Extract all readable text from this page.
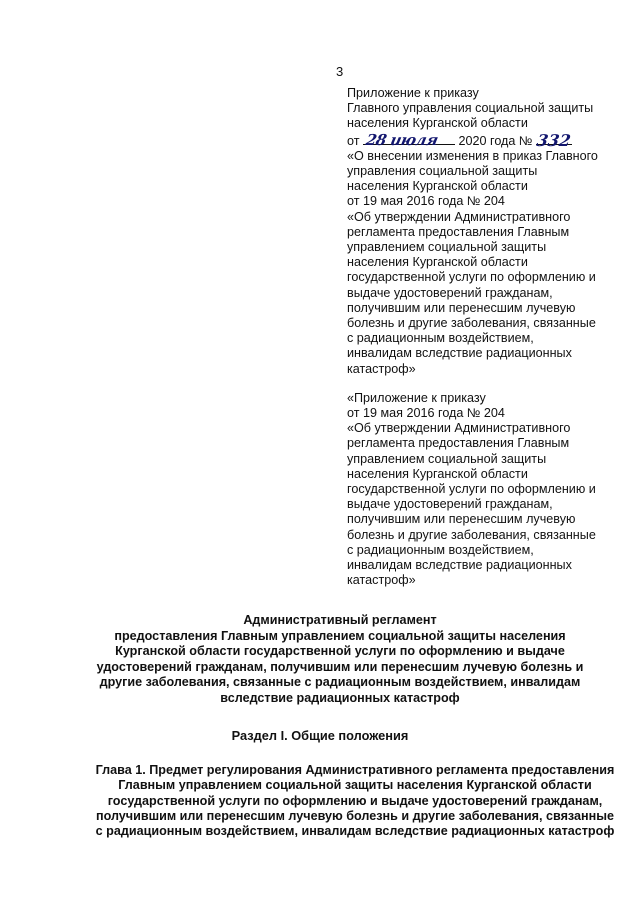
3

Приложение к приказу

Главного управления социальной защиты

населения Курганской области

от 28 июля 2020 года № 332

«О внесении изменения в приказ Главного

управления социальной защиты

населения Курганской области

от 19 мая 2016 года № 204

«Об утверждении Административного

регламента предоставления Главным

управлением социальной защиты

населения Курганской области

государственной услуги по оформлению и

выдаче удостоверений гражданам,

получившим или перенесшим лучевую

болезнь и другие заболевания, связанные

с радиационным воздействием,

инвалидам вследствие радиационных

катастроф»

«Приложение к приказу

от 19 мая 2016 года № 204

«Об утверждении Административного

регламента предоставления Главным

управлением социальной защиты

населения Курганской области

государственной услуги по оформлению и

выдаче удостоверений гражданам,

получившим или перенесшим лучевую

болезнь и другие заболевания, связанные

с радиационным воздействием,

инвалидам вследствие радиационных

катастроф»

Административный регламент

предоставления Главным управлением социальной защиты населения

Курганской области государственной услуги по оформлению и выдаче

удостоверений гражданам, получившим или перенесшим лучевую болезнь и

другие заболевания, связанные с радиационным воздействием, инвалидам

вследствие радиационных катастроф

Раздел I. Общие положения

Глава 1. Предмет регулирования Административного регламента предоставления

Главным управлением социальной защиты населения Курганской области

государственной услуги по оформлению и выдаче удостоверений гражданам,

получившим или перенесшим лучевую болезнь и другие заболевания, связанные

с радиационным воздействием, инвалидам вследствие радиационных катастроф
